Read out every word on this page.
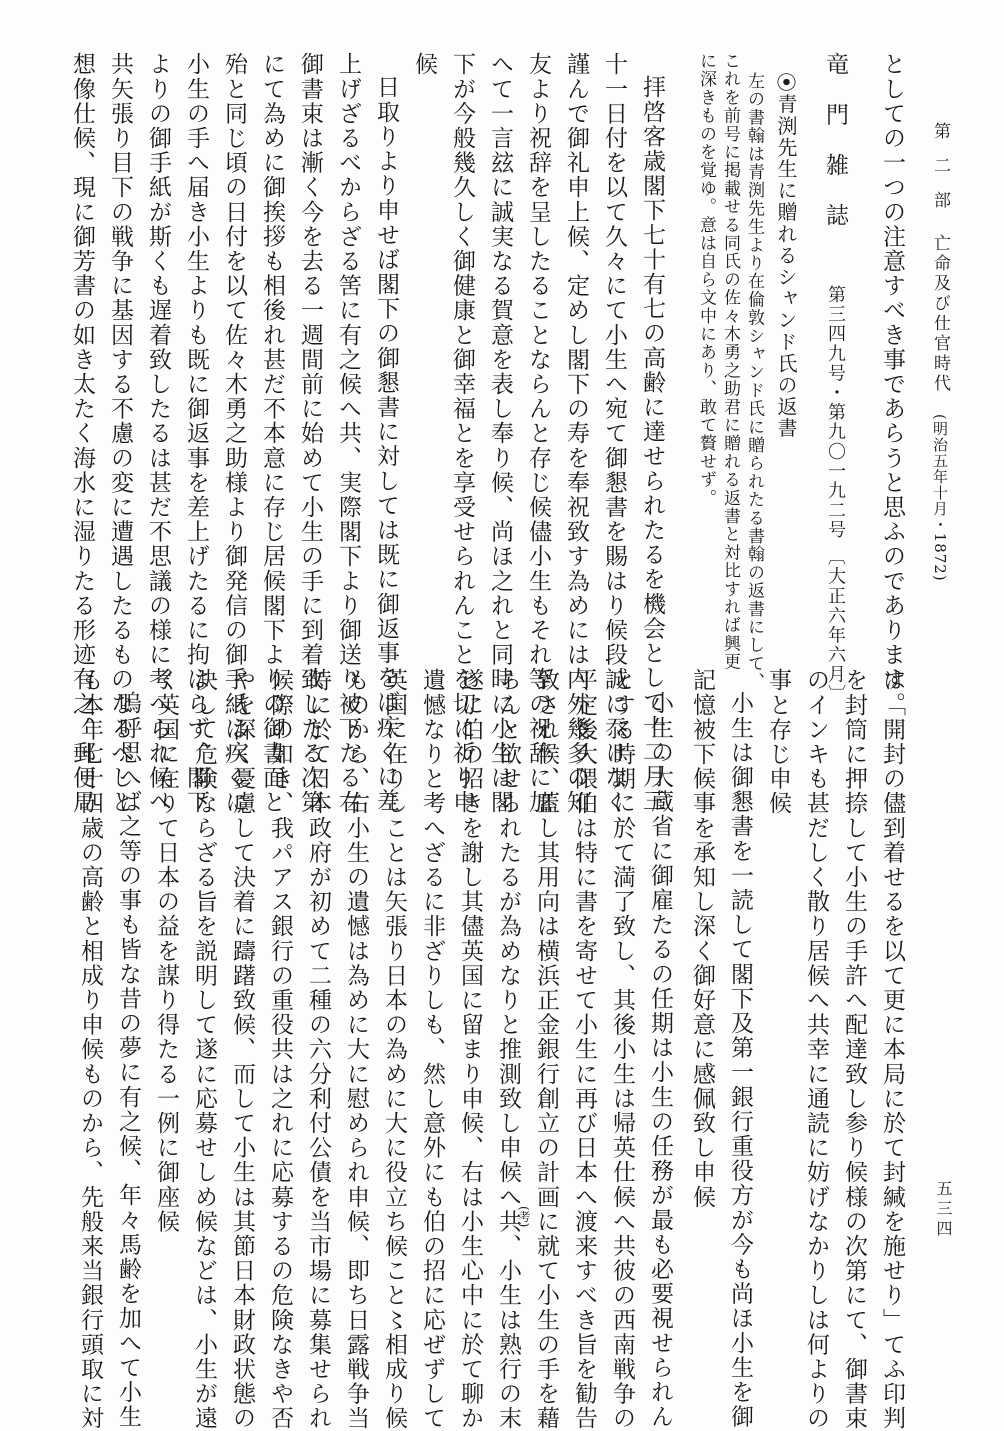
第 二 部　亡命及び仕官時代　(明治五年十月・1872)
五三四
としての一つの注意すべき事であらうと思ふのであります。
竜 門 雑 誌　　第三四九号・第九〇一九二号 〔大正六年六月〕
⦿青渕先生に贈れるシャンド氏の返書
左の書翰は青渕先生より在倫敦シャンド氏に贈られたる書翰の返書にして、
これを前号に掲載せる同氏の佐々木勇之助君に贈れる返書と対比すれば興更
に深きものを覚ゆ。意は自ら文中にあり、敢て贅せず。
拝啓客歳閣下七十有七の高齢に達せられたるを機会として十二月三
十一日付を以て久々にて小生へ宛て御懇書を賜はり候段誠に忝けなく
謹んで御礼申上候、定めし閣下の寿を奉祝致す為めには内外幾多の知
友より祝辞を呈したることならんと存じ候儘小生もそれ等の祝辞に加
へて一言玆に誠実なる賀意を表し奉り候、尚ほ之れと同時に小生は閣
下が今般幾久しく御健康と御幸福とを享受せられんことを切に祈り申
候
日取りより申せば閣下の御懇書に対しては既に御返事をば疾くに差
上げざるべからざる筈に有之候へ共、実際閣下より御送り被下たる右
御書束は漸く今を去る一週間前に始めて小生の手に到着致したる次第
にて為めに御挨拶も相後れ甚だ不本意に存じ居候閣下よりの御書面と
殆と同じ頃の日付を以て佐々木勇之助様より御発信の御手紙は疾くに
小生の手へ届き小生よりも既に御返事を差上げたるに拘はらず、閣下
よりの御手紙が斯くも遅着致したるは甚だ不思議の様に考へられ候へ
共矢張り目下の戦争に基因する不慮の変に遭遇したるものなるべしと
想像仕候、現に御芳書の如き太たく海水に湿りたる形迹有之、郵便局
は「開封の儘到着せるを以て更に本局に於て封緘を施せり」てふ印判
を封筒に押捺して小生の手許へ配達致し参り候様の次第にて、御書束
のインキも甚だしく散り居候へ共幸に通読に妨げなかりしは何よりの
事と存じ申候
小生は御懇書を一読して閣下及第一銀行重役方が今も尚ほ小生を御
記憶被下候事を承知し深く御好意に感佩致し申候
小生の大蔵省に御雇たるの任期は小生の任務が最も必要視せられん
とする時期に於て満了致し、其後小生は帰英仕候へ共彼の西南戦争の
平定後大隈伯は特に書を寄せて小生に再び日本へ渡来すべき旨を勧告
致され候、蓋し其用向は横浜正金銀行創立の計画に就て小生の手を藉
らんと欲せられたるが為めなりと推測致し申候へ共、小生は熟行の末
(考)
遂に伯の招きを謝し其儘英国に留まり申候、右は小生心中に於て聊か
遺憾なりと考へざるに非ざりしも、然し意外にも伯の招に応ぜずして
英国に在りしことは矢張り日本の為めに大に役立ち候こと〻相成り候
ものから、右小生の遺憾は為めに大に慰められ申候、即ち日露戦争当
時に於て日本政府が初めて二種の六分利付公債を当市場に募集せられ
候際の如き、我パアス銀行の重役共は之れに応募するの危険なきや否
やを深く憂慮して決着に躊躇致候、而して小生は其節日本財政状態の
決して危険ならざる旨を説明して遂に応募せしめ候などは、小生が遠
く英国に在りて日本の益を謀り得たる一例に御座候
嗚呼思へば之等の事も皆な昔の夢に有之候、年々馬齢を加へて小生
も本年七十四歳の高齢と相成り申候ものから、先般来当銀行頭取に対
